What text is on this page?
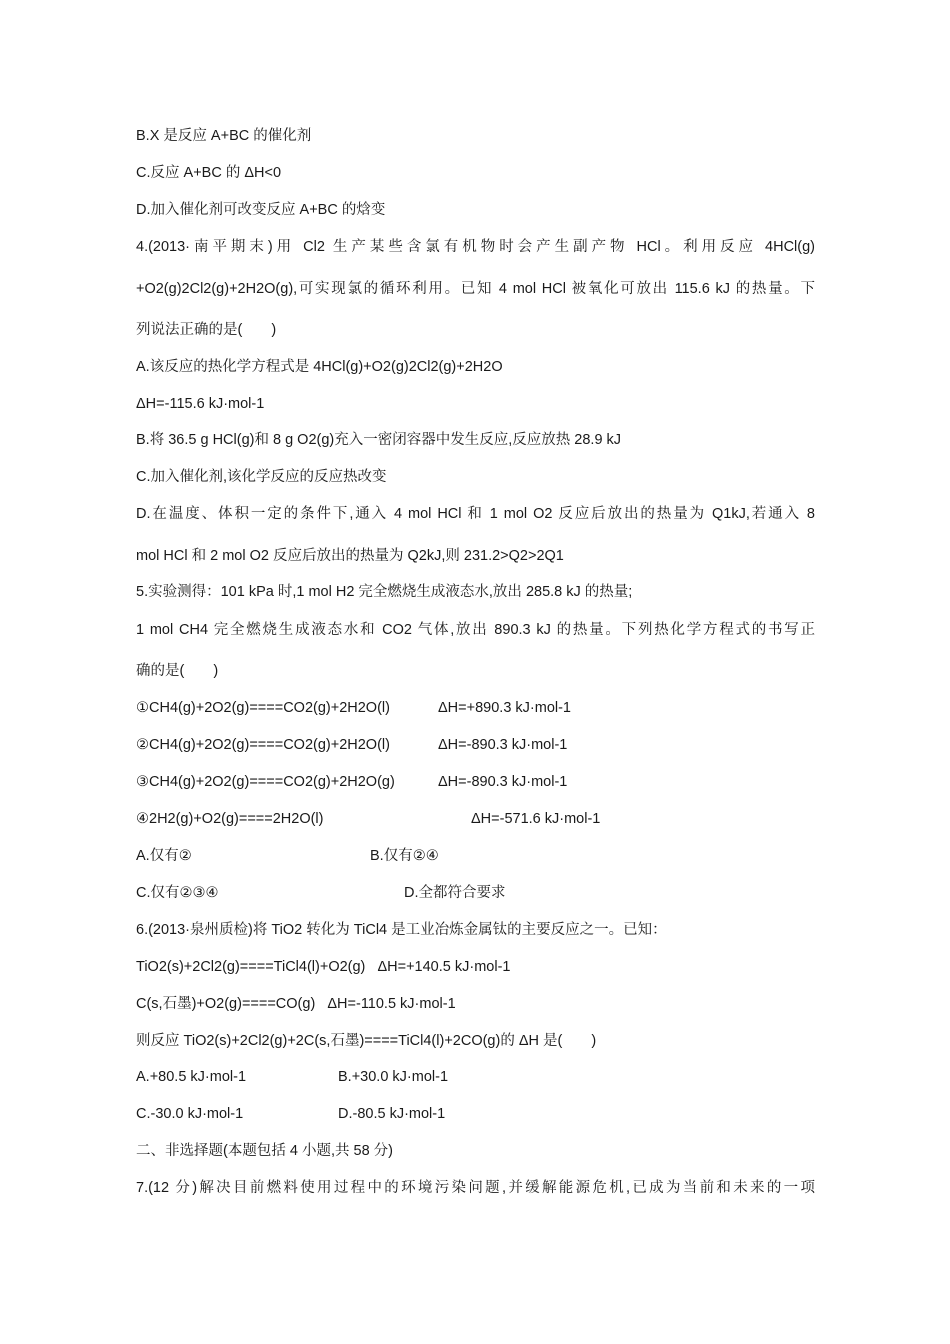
B.X 是反应 A+BC 的催化剂
C.反应 A+BC 的 ΔH<0
D.加入催化剂可改变反应 A+BC 的焓变
4.(2013·南平期末)用 Cl2 生产某些含氯有机物时会产生副产物 HCl。利用反应 4HCl(g)
+O2(g)2Cl2(g)+2H2O(g),可实现氯的循环利用。已知 4 mol HCl 被氧化可放出 115.6 kJ 的热量。下
列说法正确的是(　　)
A.该反应的热化学方程式是 4HCl(g)+O2(g)2Cl2(g)+2H2O
ΔH=-115.6 kJ·mol-1
B.将 36.5 g HCl(g)和 8 g O2(g)充入一密闭容器中发生反应,反应放热 28.9 kJ
C.加入催化剂,该化学反应的反应热改变
D.在温度、体积一定的条件下,通入 4 mol HCl 和 1 mol O2 反应后放出的热量为 Q1kJ,若通入 8
mol HCl 和 2 mol O2 反应后放出的热量为 Q2kJ,则 231.2>Q2>2Q1
5.实验测得：101 kPa 时,1 mol H2 完全燃烧生成液态水,放出 285.8 kJ 的热量;
1 mol CH4 完全燃烧生成液态水和 CO2 气体,放出 890.3 kJ 的热量。下列热化学方程式的书写正
确的是(　　)
①CH4(g)+2O2(g)====CO2(g)+2H2O(l)	ΔH=+890.3 kJ·mol-1
②CH4(g)+2O2(g)====CO2(g)+2H2O(l)	ΔH=-890.3 kJ·mol-1
③CH4(g)+2O2(g)====CO2(g)+2H2O(g)	ΔH=-890.3 kJ·mol-1
④2H2(g)+O2(g)====2H2O(l)	ΔH=-571.6 kJ·mol-1
A.仅有②	B.仅有②④
C.仅有②③④	D.全都符合要求
6.(2013·泉州质检)将 TiO2 转化为 TiCl4 是工业冶炼金属钛的主要反应之一。已知：
TiO2(s)+2Cl2(g)====TiCl4(l)+O2(g)   ΔH=+140.5 kJ·mol-1
C(s,石墨)+O2(g)====CO(g)   ΔH=-110.5 kJ·mol-1
则反应 TiO2(s)+2Cl2(g)+2C(s,石墨)====TiCl4(l)+2CO(g)的 ΔH 是(　　)
A.+80.5 kJ·mol-1	B.+30.0 kJ·mol-1
C.-30.0 kJ·mol-1	D.-80.5 kJ·mol-1
二、非选择题(本题包括 4 小题,共 58 分)
7.(12 分)解决目前燃料使用过程中的环境污染问题,并缓解能源危机,已成为当前和未来的一项
